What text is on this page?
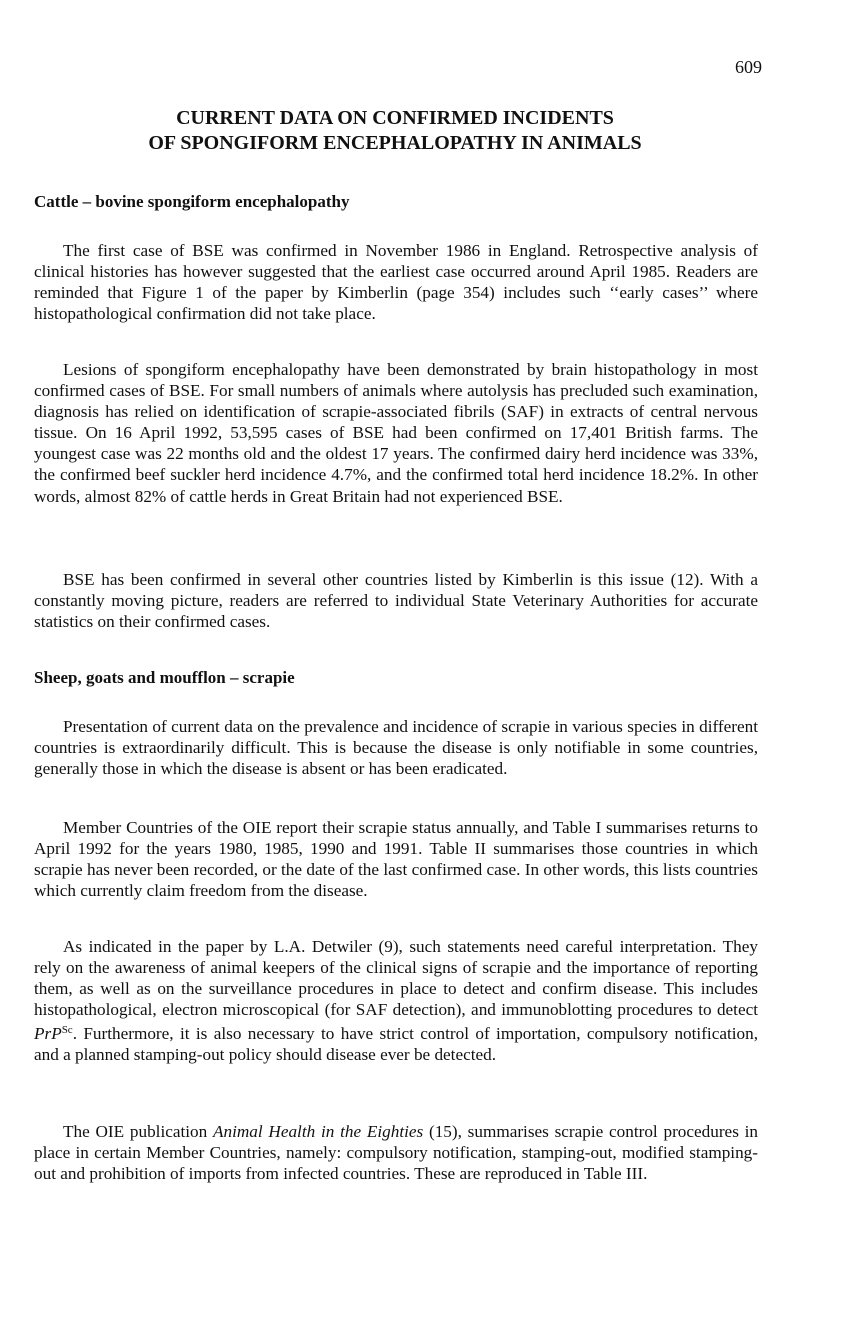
609
CURRENT DATA ON CONFIRMED INCIDENTS
OF SPONGIFORM ENCEPHALOPATHY IN ANIMALS
Cattle – bovine spongiform encephalopathy

The first case of BSE was confirmed in November 1986 in England. Retrospective analysis of clinical histories has however suggested that the earliest case occurred around April 1985. Readers are reminded that Figure 1 of the paper by Kimberlin (page 354) includes such ‘‘early cases’’ where histopathological confirmation did not take place.

Lesions of spongiform encephalopathy have been demonstrated by brain histopathology in most confirmed cases of BSE. For small numbers of animals where autolysis has precluded such examination, diagnosis has relied on identification of scrapie-associated fibrils (SAF) in extracts of central nervous tissue. On 16 April 1992, 53,595 cases of BSE had been confirmed on 17,401 British farms. The youngest case was 22 months old and the oldest 17 years. The confirmed dairy herd incidence was 33%, the confirmed beef suckler herd incidence 4.7%, and the confirmed total herd incidence 18.2%. In other words, almost 82% of cattle herds in Great Britain had not experienced BSE.

BSE has been confirmed in several other countries listed by Kimberlin is this issue (12). With a constantly moving picture, readers are referred to individual State Veterinary Authorities for accurate statistics on their confirmed cases.

Sheep, goats and moufflon – scrapie

Presentation of current data on the prevalence and incidence of scrapie in various species in different countries is extraordinarily difficult. This is because the disease is only notifiable in some countries, generally those in which the disease is absent or has been eradicated.

Member Countries of the OIE report their scrapie status annually, and Table I summarises returns to April 1992 for the years 1980, 1985, 1990 and 1991. Table II summarises those countries in which scrapie has never been recorded, or the date of the last confirmed case. In other words, this lists countries which currently claim freedom from the disease.

As indicated in the paper by L.A. Detwiler (9), such statements need careful interpretation. They rely on the awareness of animal keepers of the clinical signs of scrapie and the importance of reporting them, as well as on the surveillance procedures in place to detect and confirm disease. This includes histopathological, electron microscopical (for SAF detection), and immunoblotting procedures to detect PrP$^{Sc}$. Furthermore, it is also necessary to have strict control of importation, compulsory notification, and a planned stamping-out policy should disease ever be detected.

The OIE publication Animal Health in the Eighties (15), summarises scrapie control procedures in place in certain Member Countries, namely: compulsory notification, stamping-out, modified stamping-out and prohibition of imports from infected countries. These are reproduced in Table III.
